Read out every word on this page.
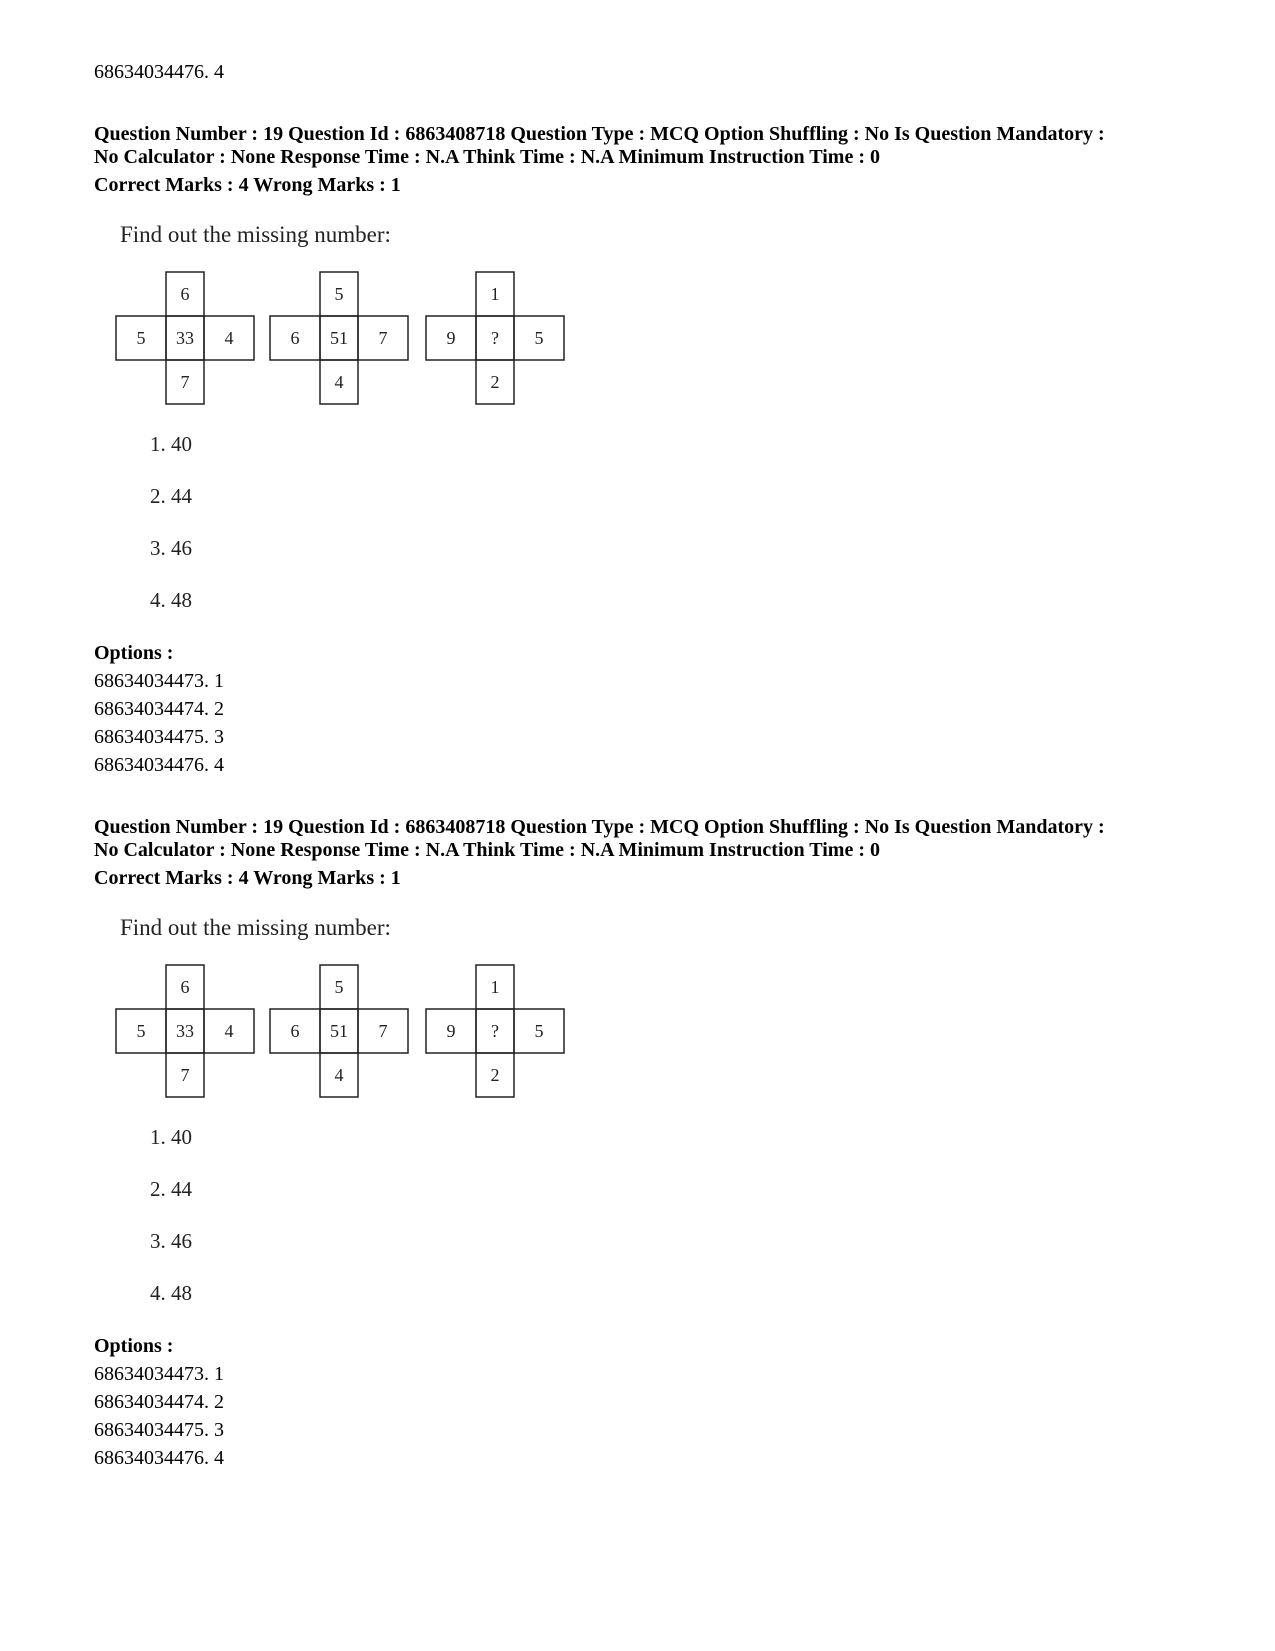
68634034476. 4
Question Number : 19 Question Id : 6863408718 Question Type : MCQ Option Shuffling : No Is Question Mandatory :
No Calculator : None Response Time : N.A Think Time : N.A Minimum Instruction Time : 0
Correct Marks : 4 Wrong Marks : 1
Find out the missing number:
6
5 33 4
7
5
6 51 7
4
1
9 ? 5
2
1. 40
2. 44
3. 46
4. 48
Options :
68634034473. 1
68634034474. 2
68634034475. 3
68634034476. 4
Question Number : 19 Question Id : 6863408718 Question Type : MCQ Option Shuffling : No Is Question Mandatory :
No Calculator : None Response Time : N.A Think Time : N.A Minimum Instruction Time : 0
Correct Marks : 4 Wrong Marks : 1
Find out the missing number:
6
5 33 4
7
5
6 51 7
4
1
9 ? 5
2
1. 40
2. 44
3. 46
4. 48
Options :
68634034473. 1
68634034474. 2
68634034475. 3
68634034476. 4
